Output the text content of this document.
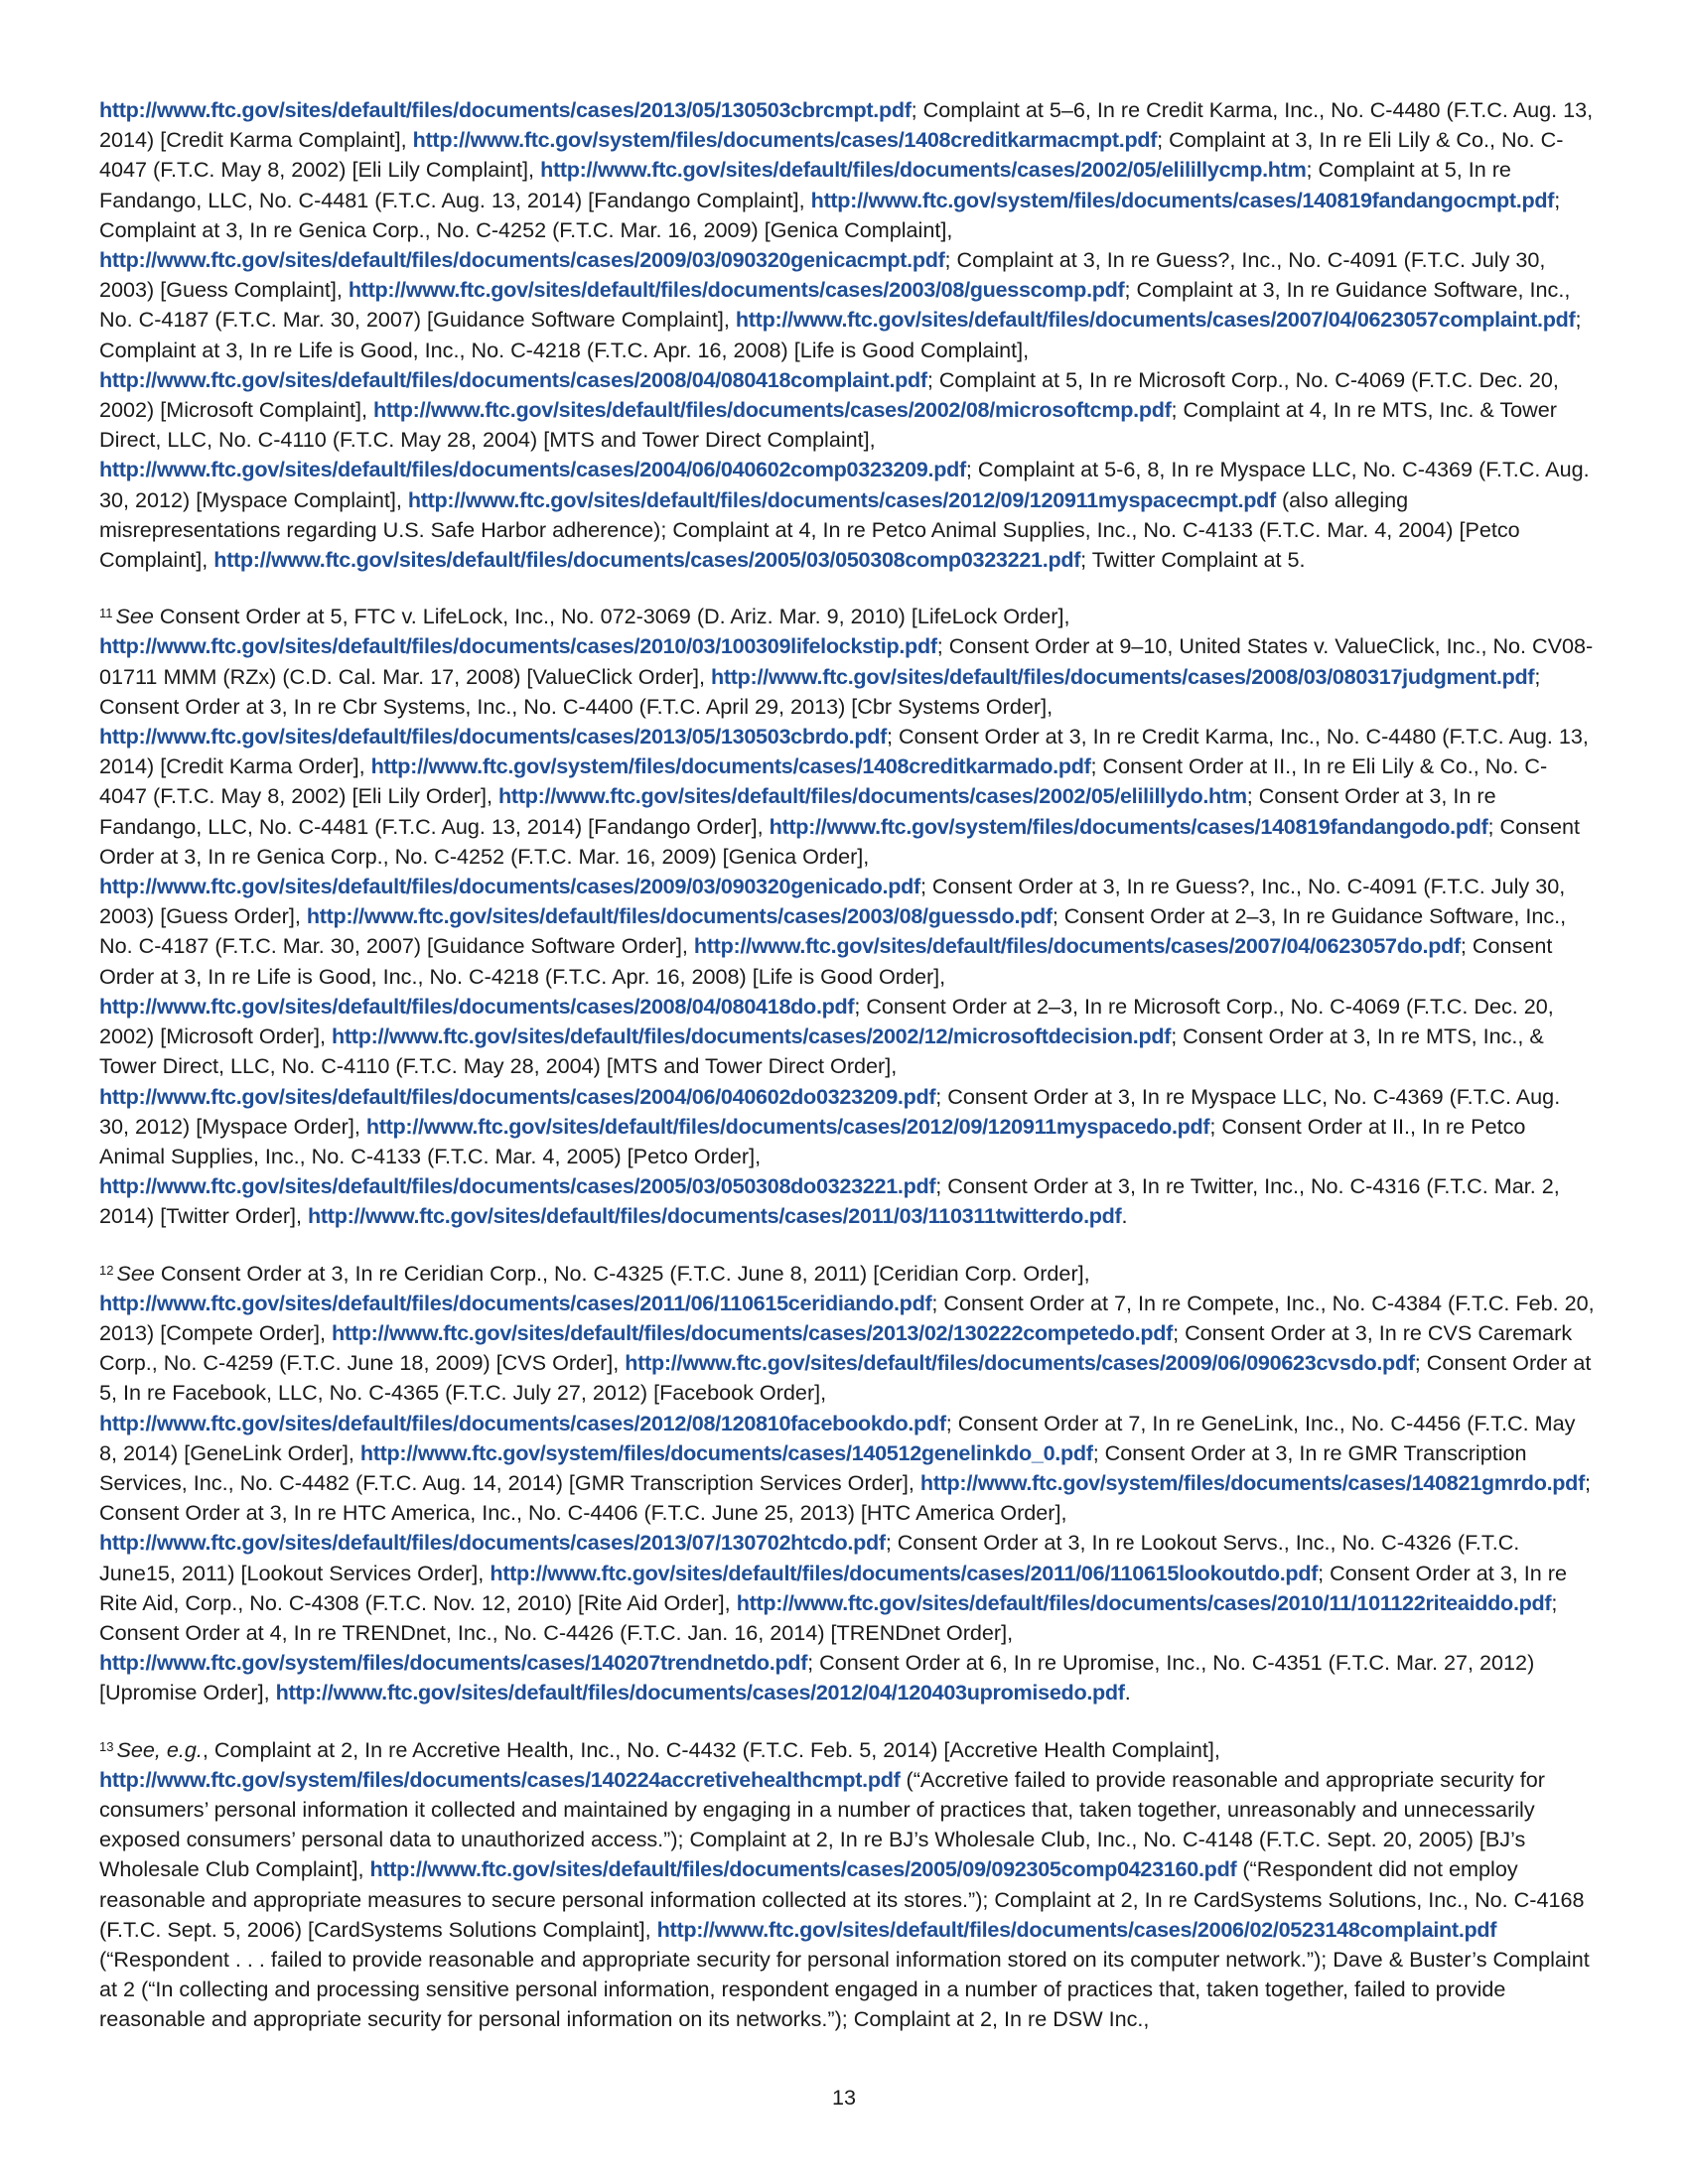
http://www.ftc.gov/sites/default/files/documents/cases/2013/05/130503cbrcmpt.pdf; Complaint at 5–6, In re Credit Karma, Inc., No. C-4480 (F.T.C. Aug. 13, 2014) [Credit Karma Complaint], http://www.ftc.gov/system/files/documents/cases/1408creditkarmacmpt.pdf; Complaint at 3, In re Eli Lily & Co., No. C-4047 (F.T.C. May 8, 2002) [Eli Lily Complaint], http://www.ftc.gov/sites/default/files/documents/cases/2002/05/elilillycmp.htm; Complaint at 5, In re Fandango, LLC, No. C-4481 (F.T.C. Aug. 13, 2014) [Fandango Complaint], http://www.ftc.gov/system/files/documents/cases/140819fandangocmpt.pdf; Complaint at 3, In re Genica Corp., No. C-4252 (F.T.C. Mar. 16, 2009) [Genica Complaint], http://www.ftc.gov/sites/default/files/documents/cases/2009/03/090320genicacmpt.pdf; Complaint at 3, In re Guess?, Inc., No. C-4091 (F.T.C. July 30, 2003) [Guess Complaint], http://www.ftc.gov/sites/default/files/documents/cases/2003/08/guesscomp.pdf; Complaint at 3, In re Guidance Software, Inc., No. C-4187 (F.T.C. Mar. 30, 2007) [Guidance Software Complaint], http://www.ftc.gov/sites/default/files/documents/cases/2007/04/0623057complaint.pdf; Complaint at 3, In re Life is Good, Inc., No. C-4218 (F.T.C. Apr. 16, 2008) [Life is Good Complaint], http://www.ftc.gov/sites/default/files/documents/cases/2008/04/080418complaint.pdf; Complaint at 5, In re Microsoft Corp., No. C-4069 (F.T.C. Dec. 20, 2002) [Microsoft Complaint], http://www.ftc.gov/sites/default/files/documents/cases/2002/08/microsoftcmp.pdf; Complaint at 4, In re MTS, Inc. & Tower Direct, LLC, No. C-4110 (F.T.C. May 28, 2004) [MTS and Tower Direct Complaint], http://www.ftc.gov/sites/default/files/documents/cases/2004/06/040602comp0323209.pdf; Complaint at 5-6, 8, In re Myspace LLC, No. C-4369 (F.T.C. Aug. 30, 2012) [Myspace Complaint], http://www.ftc.gov/sites/default/files/documents/cases/2012/09/120911myspacecmpt.pdf (also alleging misrepresentations regarding U.S. Safe Harbor adherence); Complaint at 4, In re Petco Animal Supplies, Inc., No. C-4133 (F.T.C. Mar. 4, 2004) [Petco Complaint], http://www.ftc.gov/sites/default/files/documents/cases/2005/03/050308comp0323221.pdf; Twitter Complaint at 5.

$^{11}$ See Consent Order at 5, FTC v. LifeLock, Inc., No. 072-3069 (D. Ariz. Mar. 9, 2010) [LifeLock Order], http://www.ftc.gov/sites/default/files/documents/cases/2010/03/100309lifelockstip.pdf; Consent Order at 9–10, United States v. ValueClick, Inc., No. CV08-01711 MMM (RZx) (C.D. Cal. Mar. 17, 2008) [ValueClick Order], http://www.ftc.gov/sites/default/files/documents/cases/2008/03/080317judgment.pdf; Consent Order at 3, In re Cbr Systems, Inc., No. C-4400 (F.T.C. April 29, 2013) [Cbr Systems Order], http://www.ftc.gov/sites/default/files/documents/cases/2013/05/130503cbrdo.pdf; Consent Order at 3, In re Credit Karma, Inc., No. C-4480 (F.T.C. Aug. 13, 2014) [Credit Karma Order], http://www.ftc.gov/system/files/documents/cases/1408creditkarmado.pdf; Consent Order at II., In re Eli Lily & Co., No. C-4047 (F.T.C. May 8, 2002) [Eli Lily Order], http://www.ftc.gov/sites/default/files/documents/cases/2002/05/elilillydo.htm; Consent Order at 3, In re Fandango, LLC, No. C-4481 (F.T.C. Aug. 13, 2014) [Fandango Order], http://www.ftc.gov/system/files/documents/cases/140819fandangodo.pdf; Consent Order at 3, In re Genica Corp., No. C-4252 (F.T.C. Mar. 16, 2009) [Genica Order], http://www.ftc.gov/sites/default/files/documents/cases/2009/03/090320genicado.pdf; Consent Order at 3, In re Guess?, Inc., No. C-4091 (F.T.C. July 30, 2003) [Guess Order], http://www.ftc.gov/sites/default/files/documents/cases/2003/08/guessdo.pdf; Consent Order at 2–3, In re Guidance Software, Inc., No. C-4187 (F.T.C. Mar. 30, 2007) [Guidance Software Order], http://www.ftc.gov/sites/default/files/documents/cases/2007/04/0623057do.pdf; Consent Order at 3, In re Life is Good, Inc., No. C-4218 (F.T.C. Apr. 16, 2008) [Life is Good Order], http://www.ftc.gov/sites/default/files/documents/cases/2008/04/080418do.pdf; Consent Order at 2–3, In re Microsoft Corp., No. C-4069 (F.T.C. Dec. 20, 2002) [Microsoft Order], http://www.ftc.gov/sites/default/files/documents/cases/2002/12/microsoftdecision.pdf; Consent Order at 3, In re MTS, Inc., & Tower Direct, LLC, No. C-4110 (F.T.C. May 28, 2004) [MTS and Tower Direct Order], http://www.ftc.gov/sites/default/files/documents/cases/2004/06/040602do0323209.pdf; Consent Order at 3, In re Myspace LLC, No. C-4369 (F.T.C. Aug. 30, 2012) [Myspace Order], http://www.ftc.gov/sites/default/files/documents/cases/2012/09/120911myspacedo.pdf; Consent Order at II., In re Petco Animal Supplies, Inc., No. C-4133 (F.T.C. Mar. 4, 2005) [Petco Order], http://www.ftc.gov/sites/default/files/documents/cases/2005/03/050308do0323221.pdf; Consent Order at 3, In re Twitter, Inc., No. C-4316 (F.T.C. Mar. 2, 2014) [Twitter Order], http://www.ftc.gov/sites/default/files/documents/cases/2011/03/110311twitterdo.pdf.

$^{12}$ See Consent Order at 3, In re Ceridian Corp., No. C-4325 (F.T.C. June 8, 2011) [Ceridian Corp. Order], http://www.ftc.gov/sites/default/files/documents/cases/2011/06/110615ceridiando.pdf; Consent Order at 7, In re Compete, Inc., No. C-4384 (F.T.C. Feb. 20, 2013) [Compete Order], http://www.ftc.gov/sites/default/files/documents/cases/2013/02/130222competedo.pdf; Consent Order at 3, In re CVS Caremark Corp., No. C-4259 (F.T.C. June 18, 2009) [CVS Order], http://www.ftc.gov/sites/default/files/documents/cases/2009/06/090623cvsdo.pdf; Consent Order at 5, In re Facebook, LLC, No. C-4365 (F.T.C. July 27, 2012) [Facebook Order], http://www.ftc.gov/sites/default/files/documents/cases/2012/08/120810facebookdo.pdf; Consent Order at 7, In re GeneLink, Inc., No. C-4456 (F.T.C. May 8, 2014) [GeneLink Order], http://www.ftc.gov/system/files/documents/cases/140512genelinkdo_0.pdf; Consent Order at 3, In re GMR Transcription Services, Inc., No. C-4482 (F.T.C. Aug. 14, 2014) [GMR Transcription Services Order], http://www.ftc.gov/system/files/documents/cases/140821gmrdo.pdf; Consent Order at 3, In re HTC America, Inc., No. C-4406 (F.T.C. June 25, 2013) [HTC America Order], http://www.ftc.gov/sites/default/files/documents/cases/2013/07/130702htcdo.pdf; Consent Order at 3, In re Lookout Servs., Inc., No. C-4326 (F.T.C. June15, 2011) [Lookout Services Order], http://www.ftc.gov/sites/default/files/documents/cases/2011/06/110615lookoutdo.pdf; Consent Order at 3, In re Rite Aid, Corp., No. C-4308 (F.T.C. Nov. 12, 2010) [Rite Aid Order], http://www.ftc.gov/sites/default/files/documents/cases/2010/11/101122riteaiddo.pdf; Consent Order at 4, In re TRENDnet, Inc., No. C-4426 (F.T.C. Jan. 16, 2014) [TRENDnet Order], http://www.ftc.gov/system/files/documents/cases/140207trendnetdo.pdf; Consent Order at 6, In re Upromise, Inc., No. C-4351 (F.T.C. Mar. 27, 2012) [Upromise Order], http://www.ftc.gov/sites/default/files/documents/cases/2012/04/120403upromisedo.pdf.

$^{13}$ See, e.g., Complaint at 2, In re Accretive Health, Inc., No. C-4432 (F.T.C. Feb. 5, 2014) [Accretive Health Complaint], http://www.ftc.gov/system/files/documents/cases/140224accretivehealthcmpt.pdf (“Accretive failed to provide reasonable and appropriate security for consumers’ personal information it collected and maintained by engaging in a number of practices that, taken together, unreasonably and unnecessarily exposed consumers’ personal data to unauthorized access.”); Complaint at 2, In re BJ’s Wholesale Club, Inc., No. C-4148 (F.T.C. Sept. 20, 2005) [BJ’s Wholesale Club Complaint], http://www.ftc.gov/sites/default/files/documents/cases/2005/09/092305comp0423160.pdf (“Respondent did not employ reasonable and appropriate measures to secure personal information collected at its stores.”); Complaint at 2, In re CardSystems Solutions, Inc., No. C-4168 (F.T.C. Sept. 5, 2006) [CardSystems Solutions Complaint], http://www.ftc.gov/sites/default/files/documents/cases/2006/02/0523148complaint.pdf (“Respondent . . . failed to provide reasonable and appropriate security for personal information stored on its computer network.”); Dave & Buster’s Complaint at 2 (“In collecting and processing sensitive personal information, respondent engaged in a number of practices that, taken together, failed to provide reasonable and appropriate security for personal information on its networks.”); Complaint at 2, In re DSW Inc.,

13
